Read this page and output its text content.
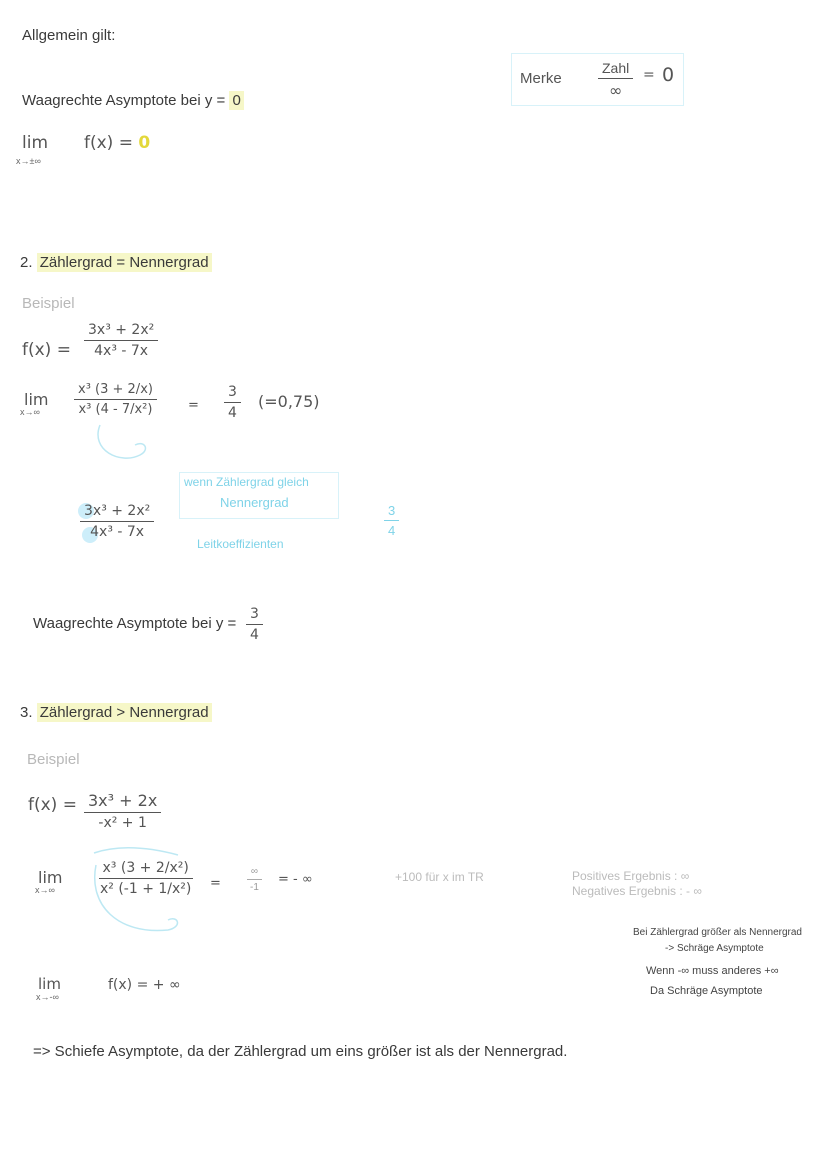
Allgemein gilt:
Waagrechte Asymptote bei y = 0
lim
x→±∞
f(x) = 0
Merke	$\frac{\text{Zahl}}{\infty} = 0$
2. Zählergrad = Nennergrad
Beispiel
$f(x) = \frac{\text{3x³ + 2x²}}{\text{4x³ - 7x}}$
lim
x→∞	$\frac{\text{x³ (3 + 2/x)}}{\text{x³ (4 - 7/x²)}} = \frac{3}{4} (=0,75)$
wenn Zählergrad gleich
Nennergrad
Leitkoeffizienten
$\frac{\text{3x³ + 2x²}}{\text{4x³ - 7x}}$	$\frac{3}{4}$
Waagrechte Asymptote bei $y = \frac{3}{4}$
3. Zählergrad > Nennergrad
Beispiel
$f(x) = \frac{\text{3x³ + 2x}}{\text{-x² + 1}}$
lim
x→∞	$\frac{\text{x³ (3 + 2/x²)}}{\text{x² (-1 + 1/x²)}}$ =	$\frac{\infty}{-1}$ = - ∞	+100 für x im TR	Positives Ergebnis : ∞
Negatives Ergebnis : - ∞
Bei Zählergrad größer als Nennergrad
-> Schräge Asymptote
lim
x→-∞
f(x) = + ∞
Wenn -∞ muss anderes +∞
Da Schräge Asymptote
=> Schiefe Asymptote, da der Zählergrad um eins größer ist als der Nennergrad.
